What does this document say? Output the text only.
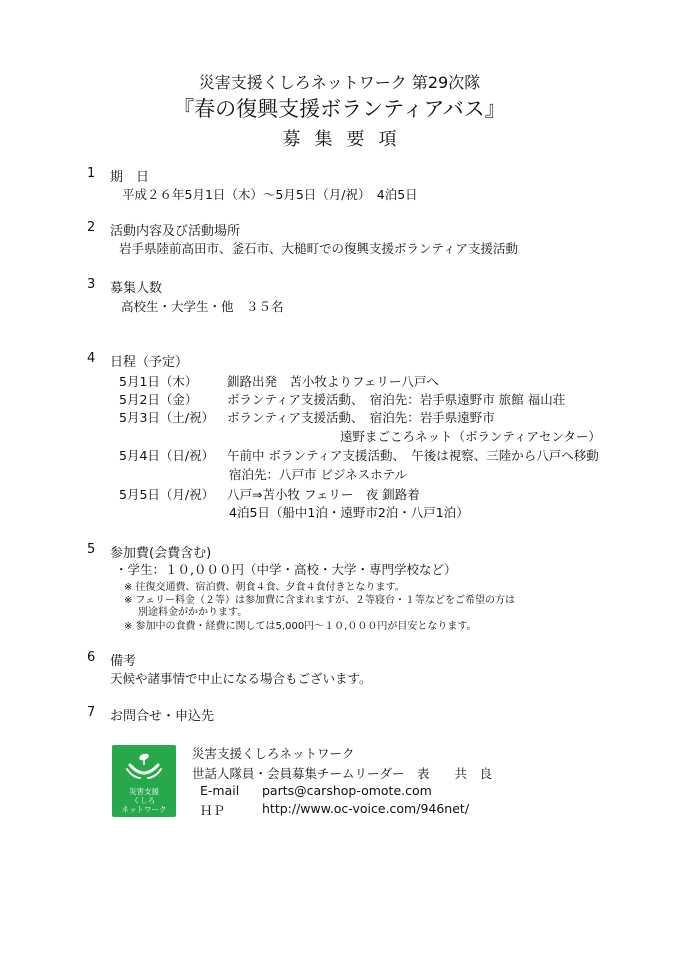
災害支援くしろネットワーク 第29次隊
『春の復興支援ボランティアバス』
募集要項
1 期　日
平成２６年5月1日（木）～5月5日（月/祝）　4泊5日
2 活動内容及び活動場所
岩手県陸前高田市、釜石市、大槌町での復興支援ボランティア支援活動
3 募集人数
高校生・大学生・他　３５名
4 日程（予定）
5月1日（木） 釧路出発　苫小牧よりフェリー八戸へ
5月2日（金） ボランティア支援活動、　宿泊先：岩手県遠野市 旅館 福山荘
5月3日（土/祝） ボランティア支援活動、　宿泊先：岩手県遠野市
遠野まごころネット（ボランティアセンター）
5月4日（日/祝） 午前中 ボランティア支援活動、　午後は視察、三陸から八戸へ移動
宿泊先：八戸市 ビジネスホテル
5月5日（月/祝） 八戸⇒苫小牧 フェリー　夜 釧路着
4泊5日（船中1泊・遠野市2泊・八戸1泊）
5 参加費(会費含む)
・学生：１０,０００円（中学・高校・大学・専門学校など）
※ 往復交通費、宿泊費、朝食４食、夕食４食付きとなります。
※ フェリー料金（２等）は参加費に含まれますが、２等寝台・１等などをご希望の方は
別途料金がかかります。
※ 参加中の食費・経費に関しては5,000円～１０,０００円が目安となります。
6 備考
天候や諸事情で中止になる場合もございます。
7 お問合せ・申込先
災害支援
くしろ
ネットワーク
災害支援くしろネットワーク
世話人隊員・会員募集チームリーダー　表　　共　良
E-mail parts@carshop-omote.com
ＨＰ	http://www.oc-voice.com/946net/
